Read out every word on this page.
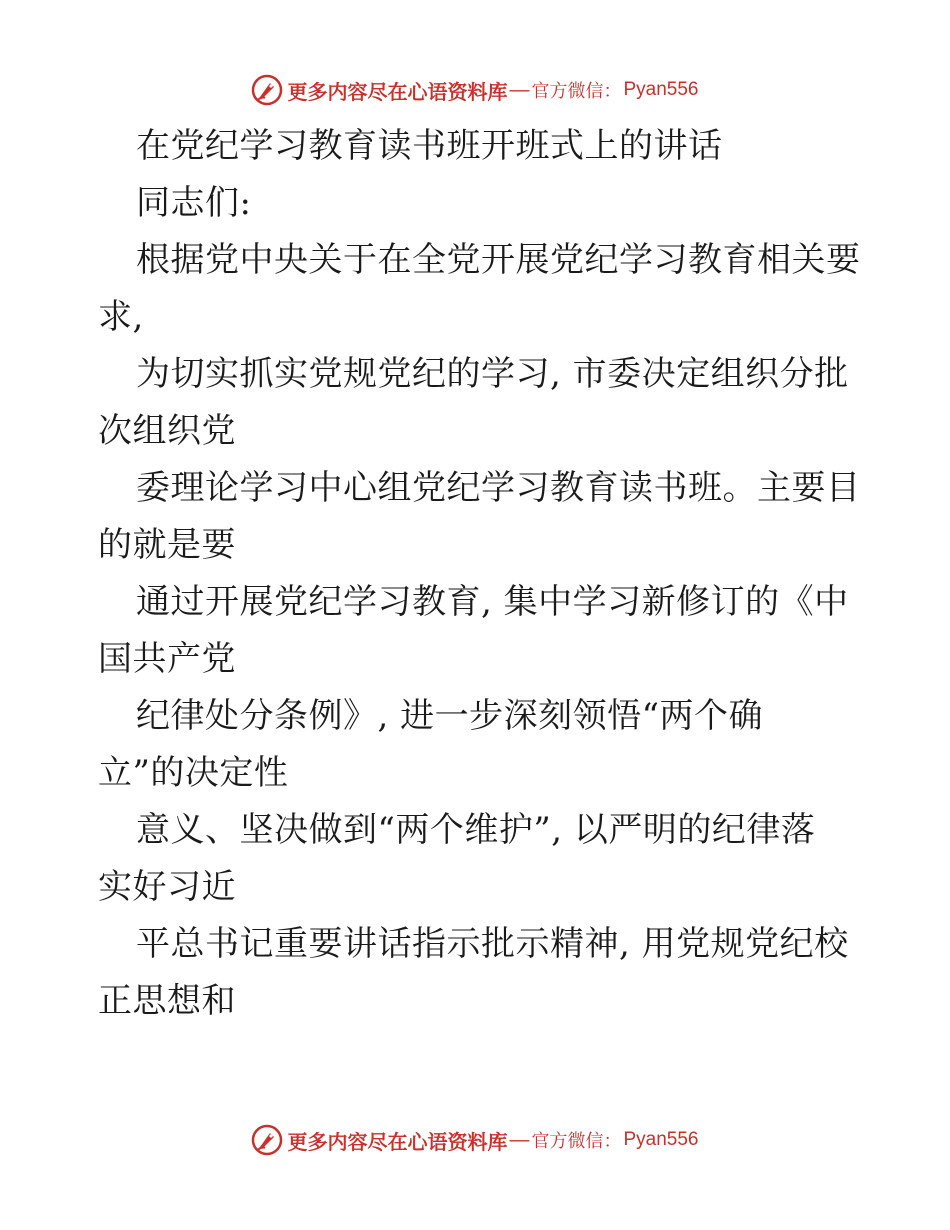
更多内容尽在心语资料库 — 官方微信： Pyan556
在党纪学习教育读书班开班式上的讲话
同志们:
根据党中央关于在全党开展党纪学习教育相关要
求,
为切实抓实党规党纪的学习, 市委决定组织分批
次组织党
委理论学习中心组党纪学习教育读书班。主要目
的就是要
通过开展党纪学习教育, 集中学习新修订的《中
国共产党
纪律处分条例》, 进一步深刻领悟“两个确
立”的决定性
意义、坚决做到“两个维护”, 以严明的纪律落
实好习近
平总书记重要讲话指示批示精神, 用党规党纪校
正思想和
更多内容尽在心语资料库 — 官方微信： Pyan556
